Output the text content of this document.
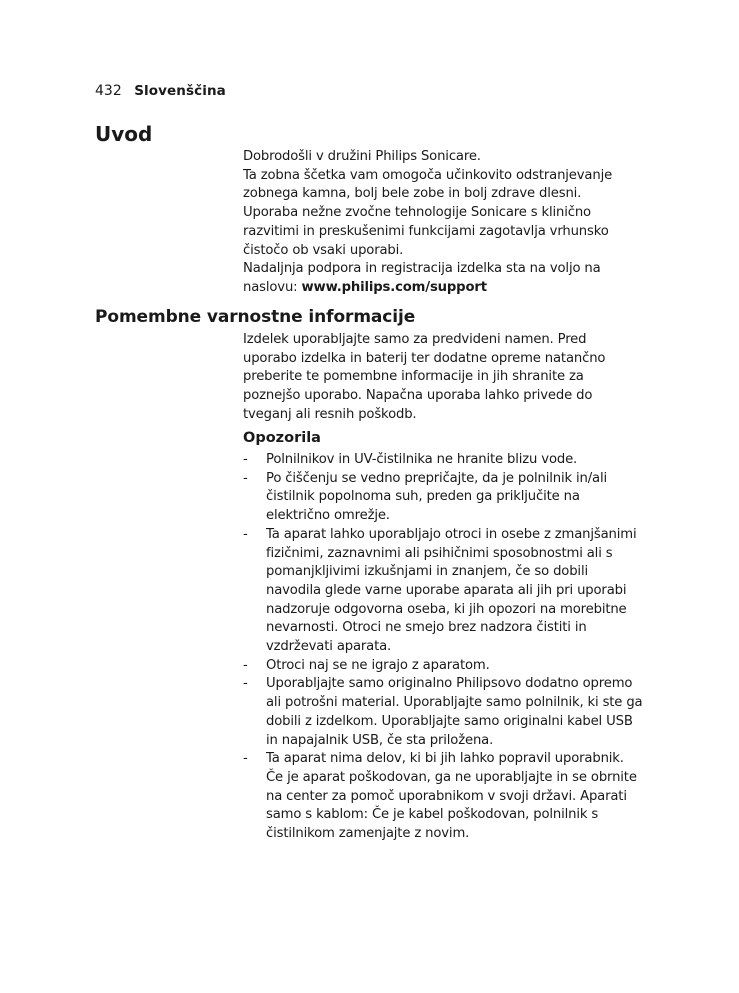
432 Slovenščina
Uvod

Dobrodošli v družini Philips Sonicare.

Ta zobna ščetka vam omogoča učinkovito odstranjevanje zobnega kamna, bolj bele zobe in bolj zdrave dlesni.

Uporaba nežne zvočne tehnologije Sonicare s klinično razvitimi in preskušenimi funkcijami zagotavlja vrhunsko čistočo ob vsaki uporabi.

Nadaljnja podpora in registracija izdelka sta na voljo na naslovu: www.philips.com/support

Pomembne varnostne informacije

Izdelek uporabljajte samo za predvideni namen. Pred uporabo izdelka in baterij ter dodatne opreme natančno preberite te pomembne informacije in jih shranite za poznejšo uporabo. Napačna uporaba lahko privede do tveganj ali resnih poškodb.

Opozorila
- Polnilnikov in UV-čistilnika ne hranite blizu vode.
- Po čiščenju se vedno prepričajte, da je polnilnik in/ali čistilnik popolnoma suh, preden ga priključite na električno omrežje.
- Ta aparat lahko uporabljajo otroci in osebe z zmanjšanimi fizičnimi, zaznavnimi ali psihičnimi sposobnostmi ali s pomanjkljivimi izkušnjami in znanjem, če so dobili navodila glede varne uporabe aparata ali jih pri uporabi nadzoruje odgovorna oseba, ki jih opozori na morebitne nevarnosti. Otroci ne smejo brez nadzora čistiti in vzdrževati aparata.
- Otroci naj se ne igrajo z aparatom.
- Uporabljajte samo originalno Philipsovo dodatno opremo ali potrošni material. Uporabljajte samo polnilnik, ki ste ga dobili z izdelkom. Uporabljajte samo originalni kabel USB in napajalnik USB, če sta priložena.
- Ta aparat nima delov, ki bi jih lahko popravil uporabnik. Če je aparat poškodovan, ga ne uporabljajte in se obrnite na center za pomoč uporabnikom v svoji državi. Aparati samo s kablom: Če je kabel poškodovan, polnilnik s čistilnikom zamenjajte z novim.
